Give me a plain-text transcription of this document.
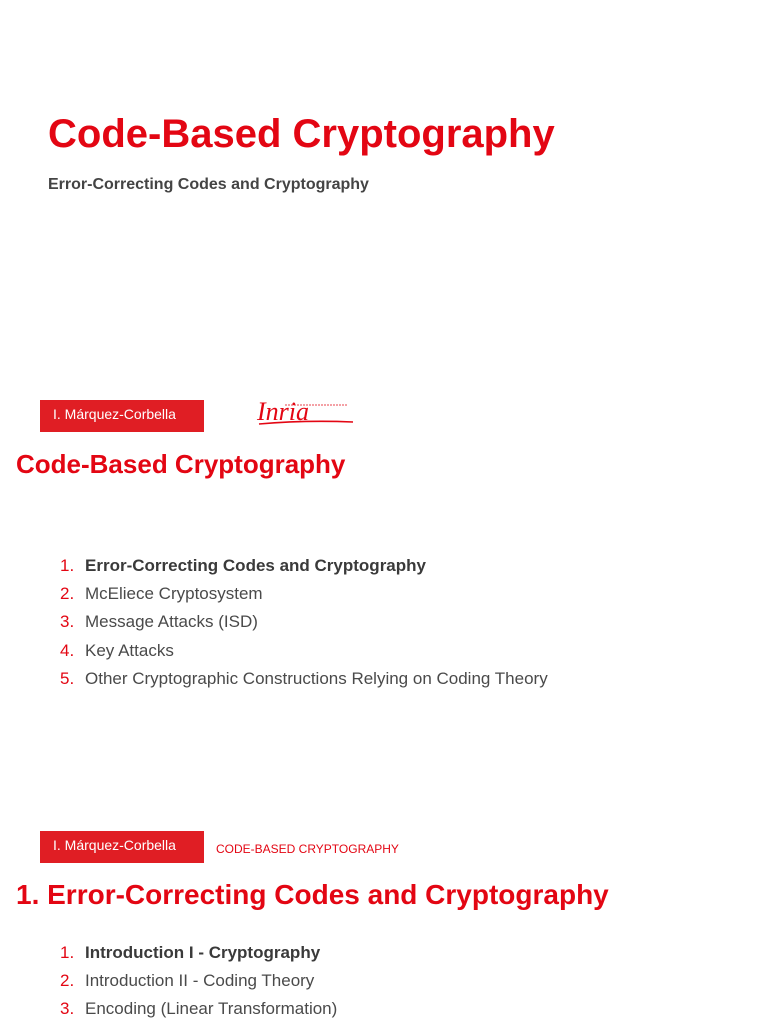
Code-Based Cryptography

Error-Correcting Codes and Cryptography

I. Márquez-Corbella	Inria
Code-Based Cryptography
1. Error-Correcting Codes and Cryptography
2. McEliece Cryptosystem
3. Message Attacks (ISD)
4. Key Attacks
5. Other Cryptographic Constructions Relying on Coding Theory
I. Márquez-Corbella	CODE-BASED CRYPTOGRAPHY
1. Error-Correcting Codes and Cryptography
1. Introduction I - Cryptography
2. Introduction II - Coding Theory
3. Encoding (Linear Transformation)
